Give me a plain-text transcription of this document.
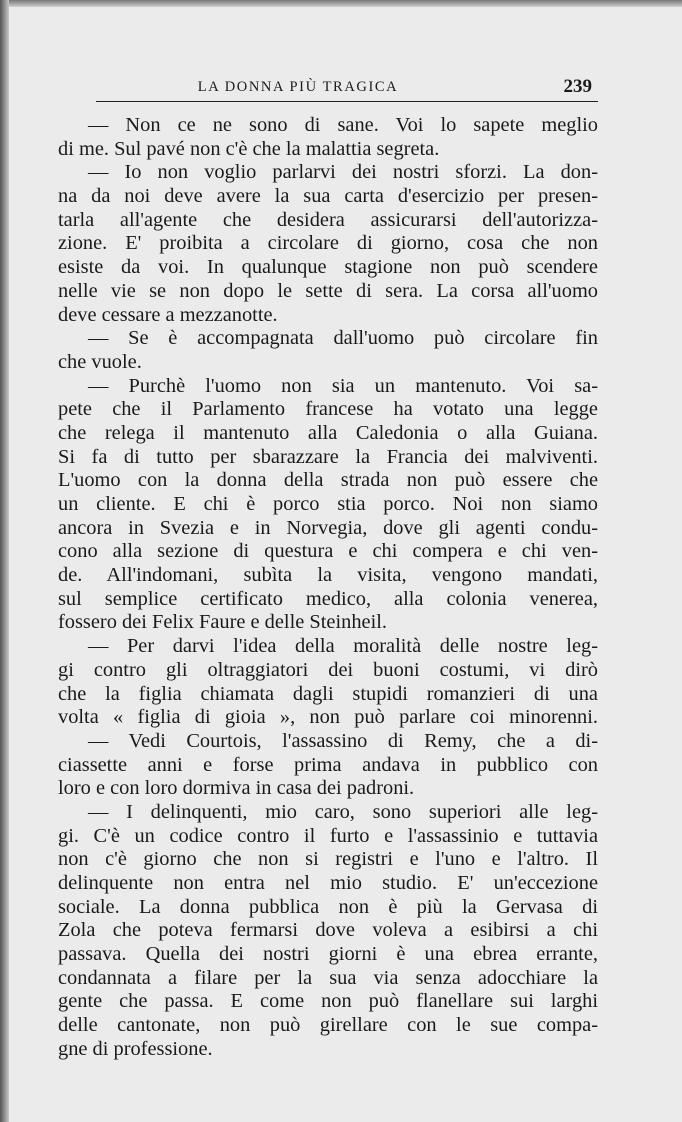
LA DONNA PIÙ TRAGICA	239
— Non ce ne sono di sane. Voi lo sapete meglio
di me. Sul pavé non c'è che la malattia segreta.
— Io non voglio parlarvi dei nostri sforzi. La don-
na da noi deve avere la sua carta d'esercizio per presen-
tarla all'agente che desidera assicurarsi dell'autorizza-
zione. E' proibita a circolare di giorno, cosa che non
esiste da voi. In qualunque stagione non può scendere
nelle vie se non dopo le sette di sera. La corsa all'uomo
deve cessare a mezzanotte.
— Se è accompagnata dall'uomo può circolare fin
che vuole.
— Purchè l'uomo non sia un mantenuto. Voi sa-
pete che il Parlamento francese ha votato una legge
che relega il mantenuto alla Caledonia o alla Guiana.
Si fa di tutto per sbarazzare la Francia dei malviventi.
L'uomo con la donna della strada non può essere che
un cliente. E chi è porco stia porco. Noi non siamo
ancora in Svezia e in Norvegia, dove gli agenti condu-
cono alla sezione di questura e chi compera e chi ven-
de. All'indomani, subìta la visita, vengono mandati,
sul semplice certificato medico, alla colonia venerea,
fossero dei Felix Faure e delle Steinheil.
— Per darvi l'idea della moralità delle nostre leg-
gi contro gli oltraggiatori dei buoni costumi, vi dirò
che la figlia chiamata dagli stupidi romanzieri di una
volta « figlia di gioia », non può parlare coi minorenni.
— Vedi Courtois, l'assassino di Remy, che a di-
ciassette anni e forse prima andava in pubblico con
loro e con loro dormiva in casa dei padroni.
— I delinquenti, mio caro, sono superiori alle leg-
gi. C'è un codice contro il furto e l'assassinio e tuttavia
non c'è giorno che non si registri e l'uno e l'altro. Il
delinquente non entra nel mio studio. E' un'eccezione
sociale. La donna pubblica non è più la Gervasa di
Zola che poteva fermarsi dove voleva a esibirsi a chi
passava. Quella dei nostri giorni è una ebrea errante,
condannata a filare per la sua via senza adocchiare la
gente che passa. E come non può flanellare sui larghi
delle cantonate, non può girellare con le sue compa-
gne di professione.
